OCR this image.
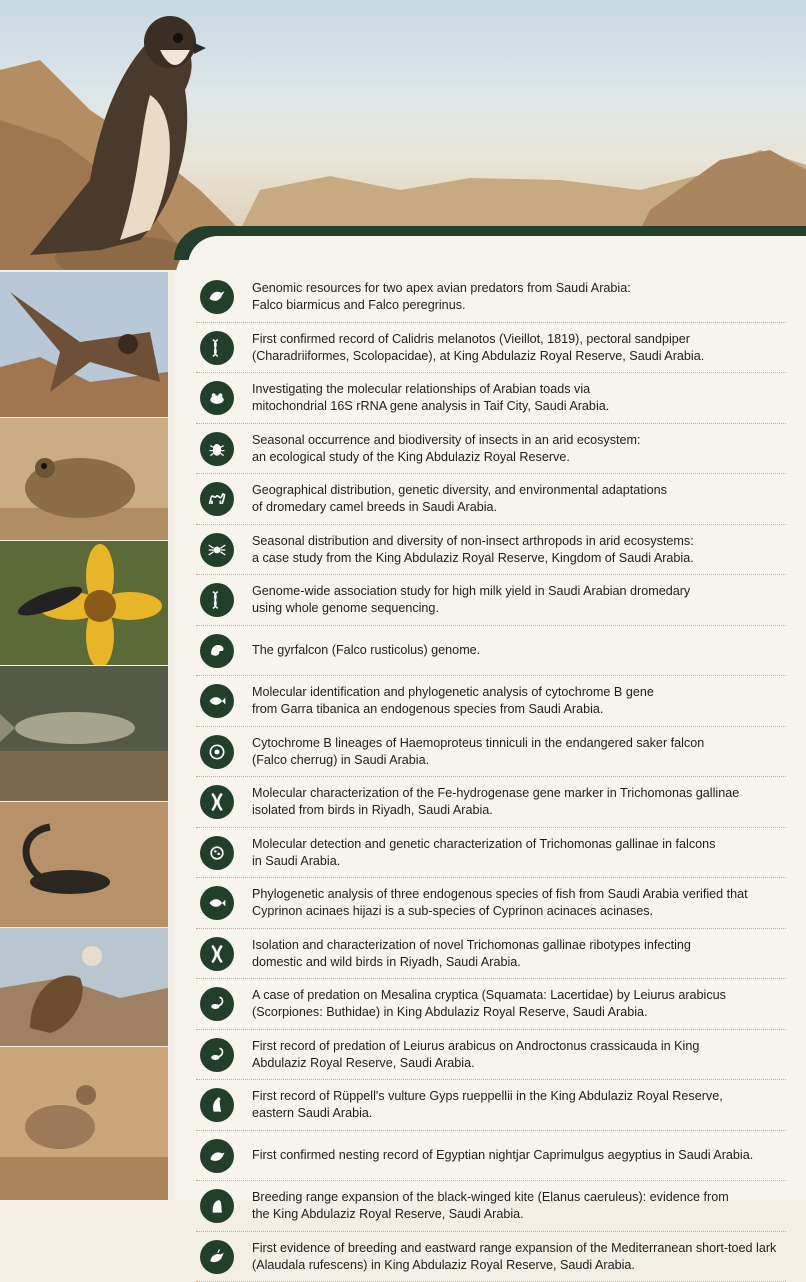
Genomic resources for two apex avian predators from Saudi Arabia:
Falco biarmicus and Falco peregrinus.
First confirmed record of Calidris melanotos (Vieillot, 1819), pectoral sandpiper
(Charadriiformes, Scolopacidae), at King Abdulaziz Royal Reserve, Saudi Arabia.
Investigating the molecular relationships of Arabian toads via
mitochondrial 16S rRNA gene analysis in Taif City, Saudi Arabia.
Seasonal occurrence and biodiversity of insects in an arid ecosystem:
an ecological study of the King Abdulaziz Royal Reserve.
Geographical distribution, genetic diversity, and environmental adaptations
of dromedary camel breeds in Saudi Arabia.
Seasonal distribution and diversity of non-insect arthropods in arid ecosystems:
a case study from the King Abdulaziz Royal Reserve, Kingdom of Saudi Arabia.
Genome-wide association study for high milk yield in Saudi Arabian dromedary
using whole genome sequencing.
The gyrfalcon (Falco rusticolus) genome.
Molecular identification and phylogenetic analysis of cytochrome B gene
from Garra tibanica an endogenous species from Saudi Arabia.
Cytochrome B lineages of Haemoproteus tinniculi in the endangered saker falcon
(Falco cherrug) in Saudi Arabia.
Molecular characterization of the Fe-hydrogenase gene marker in Trichomonas gallinae
isolated from birds in Riyadh, Saudi Arabia.
Molecular detection and genetic characterization of Trichomonas gallinae in falcons
in Saudi Arabia.
Phylogenetic analysis of three endogenous species of fish from Saudi Arabia verified that
Cyprinon acinaes hijazi is a sub-species of Cyprinon acinaces acinases.
Isolation and characterization of novel Trichomonas gallinae ribotypes infecting
domestic and wild birds in Riyadh, Saudi Arabia.
A case of predation on Mesalina cryptica (Squamata: Lacertidae) by Leiurus arabicus
(Scorpiones: Buthidae) in King Abdulaziz Royal Reserve, Saudi Arabia.
First record of predation of Leiurus arabicus on Androctonus crassicauda in King
Abdulaziz Royal Reserve, Saudi Arabia.
First record of Rüppell's vulture Gyps rueppellii in the King Abdulaziz Royal Reserve,
eastern Saudi Arabia.
First confirmed nesting record of Egyptian nightjar Caprimulgus aegyptius in Saudi Arabia.
Breeding range expansion of the black-winged kite (Elanus caeruleus): evidence from
the King Abdulaziz Royal Reserve, Saudi Arabia.
First evidence of breeding and eastward range expansion of the Mediterranean short-toed lark
(Alaudala rufescens) in King Abdulaziz Royal Reserve, Saudi Arabia.
